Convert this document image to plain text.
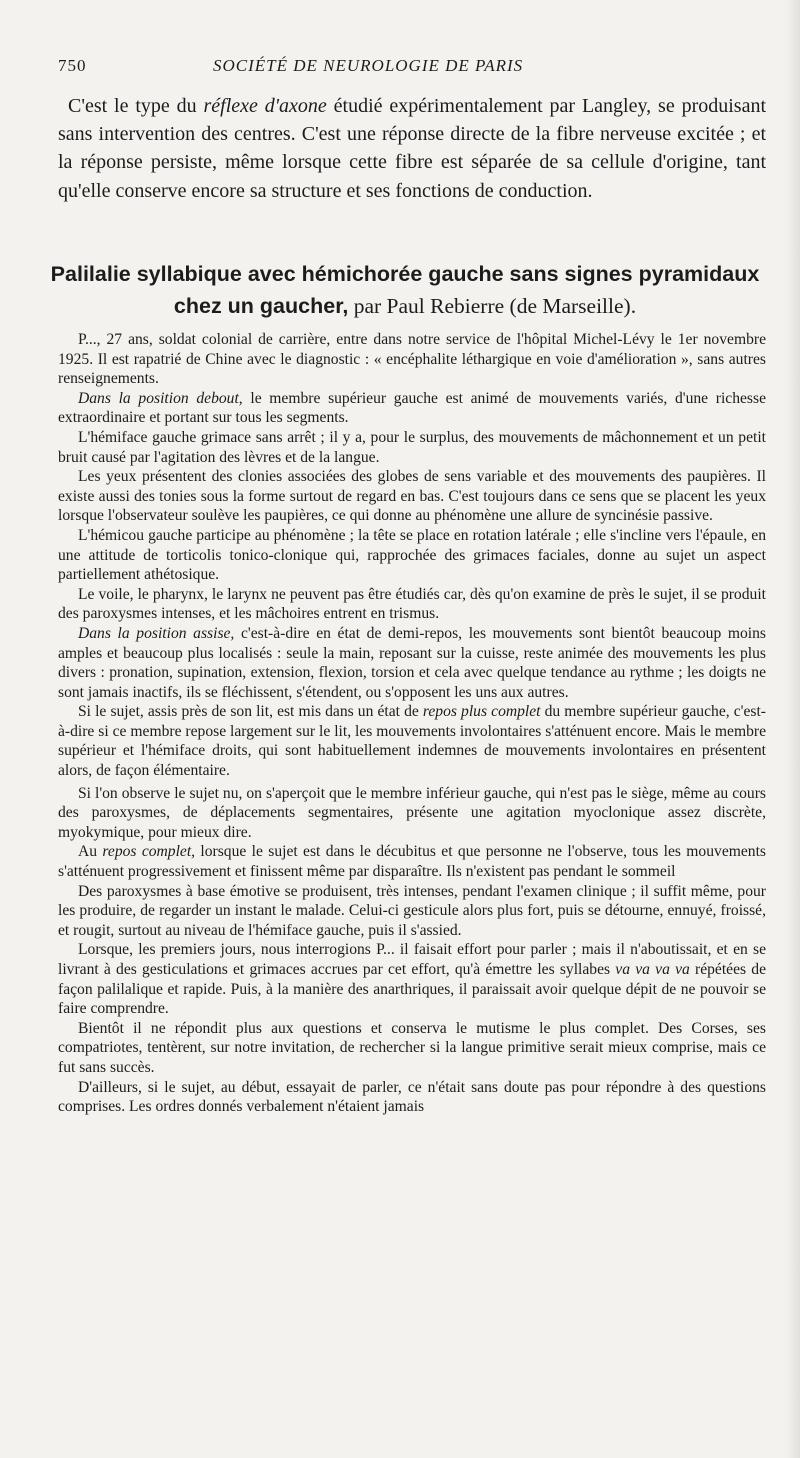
750	SOCIÉTÉ DE NEUROLOGIE DE PARIS

C'est le type du réflexe d'axone étudié expérimentalement par Langley, se produisant sans intervention des centres. C'est une réponse directe de la fibre nerveuse excitée ; et la réponse persiste, même lorsque cette fibre est séparée de sa cellule d'origine, tant qu'elle conserve encore sa structure et ses fonctions de conduction.

Palilalie syllabique avec hémichorée gauche sans signes pyramidaux chez un gaucher, par Paul Rebierre (de Marseille).

P..., 27 ans, soldat colonial de carrière, entre dans notre service de l'hôpital Michel-Lévy le 1er novembre 1925. Il est rapatrié de Chine avec le diagnostic : « encéphalite léthargique en voie d'amélioration », sans autres renseignements.

Dans la position debout, le membre supérieur gauche est animé de mouvements variés, d'une richesse extraordinaire et portant sur tous les segments.

L'hémiface gauche grimace sans arrêt ; il y a, pour le surplus, des mouvements de mâchonnement et un petit bruit causé par l'agitation des lèvres et de la langue.

Les yeux présentent des clonies associées des globes de sens variable et des mouvements des paupières. Il existe aussi des tonies sous la forme surtout de regard en bas. C'est toujours dans ce sens que se placent les yeux lorsque l'observateur soulève les paupières, ce qui donne au phénomène une allure de syncinésie passive.

L'hémicou gauche participe au phénomène ; la tête se place en rotation latérale ; elle s'incline vers l'épaule, en une attitude de torticolis tonico-clonique qui, rapprochée des grimaces faciales, donne au sujet un aspect partiellement athétosique.

Le voile, le pharynx, le larynx ne peuvent pas être étudiés car, dès qu'on examine de près le sujet, il se produit des paroxysmes intenses, et les mâchoires entrent en trismus.

Dans la position assise, c'est-à-dire en état de demi-repos, les mouvements sont bientôt beaucoup moins amples et beaucoup plus localisés : seule la main, reposant sur la cuisse, reste animée des mouvements les plus divers : pronation, supination, extension, flexion, torsion et cela avec quelque tendance au rythme ; les doigts ne sont jamais inactifs, ils se fléchissent, s'étendent, ou s'opposent les uns aux autres.

Si le sujet, assis près de son lit, est mis dans un état de repos plus complet du membre supérieur gauche, c'est-à-dire si ce membre repose largement sur le lit, les mouvements involontaires s'atténuent encore. Mais le membre supérieur et l'hémiface droits, qui sont habituellement indemnes de mouvements involontaires en présentent alors, de façon élémentaire.

Si l'on observe le sujet nu, on s'aperçoit que le membre inférieur gauche, qui n'est pas le siège, même au cours des paroxysmes, de déplacements segmentaires, présente une agitation myoclonique assez discrète, myokymique, pour mieux dire.

Au repos complet, lorsque le sujet est dans le décubitus et que personne ne l'observe, tous les mouvements s'atténuent progressivement et finissent même par disparaître. Ils n'existent pas pendant le sommeil

Des paroxysmes à base émotive se produisent, très intenses, pendant l'examen clinique ; il suffit même, pour les produire, de regarder un instant le malade. Celui-ci gesticule alors plus fort, puis se détourne, ennuyé, froissé, et rougit, surtout au niveau de l'hémiface gauche, puis il s'assied.

Lorsque, les premiers jours, nous interrogions P... il faisait effort pour parler ; mais il n'aboutissait, et en se livrant à des gesticulations et grimaces accrues par cet effort, qu'à émettre les syllabes va va va va répétées de façon palilalique et rapide. Puis, à la manière des anarthriques, il paraissait avoir quelque dépit de ne pouvoir se faire comprendre.

Bientôt il ne répondit plus aux questions et conserva le mutisme le plus complet. Des Corses, ses compatriotes, tentèrent, sur notre invitation, de rechercher si la langue primitive serait mieux comprise, mais ce fut sans succès.

D'ailleurs, si le sujet, au début, essayait de parler, ce n'était sans doute pas pour répondre à des questions comprises. Les ordres donnés verbalement n'étaient jamais
